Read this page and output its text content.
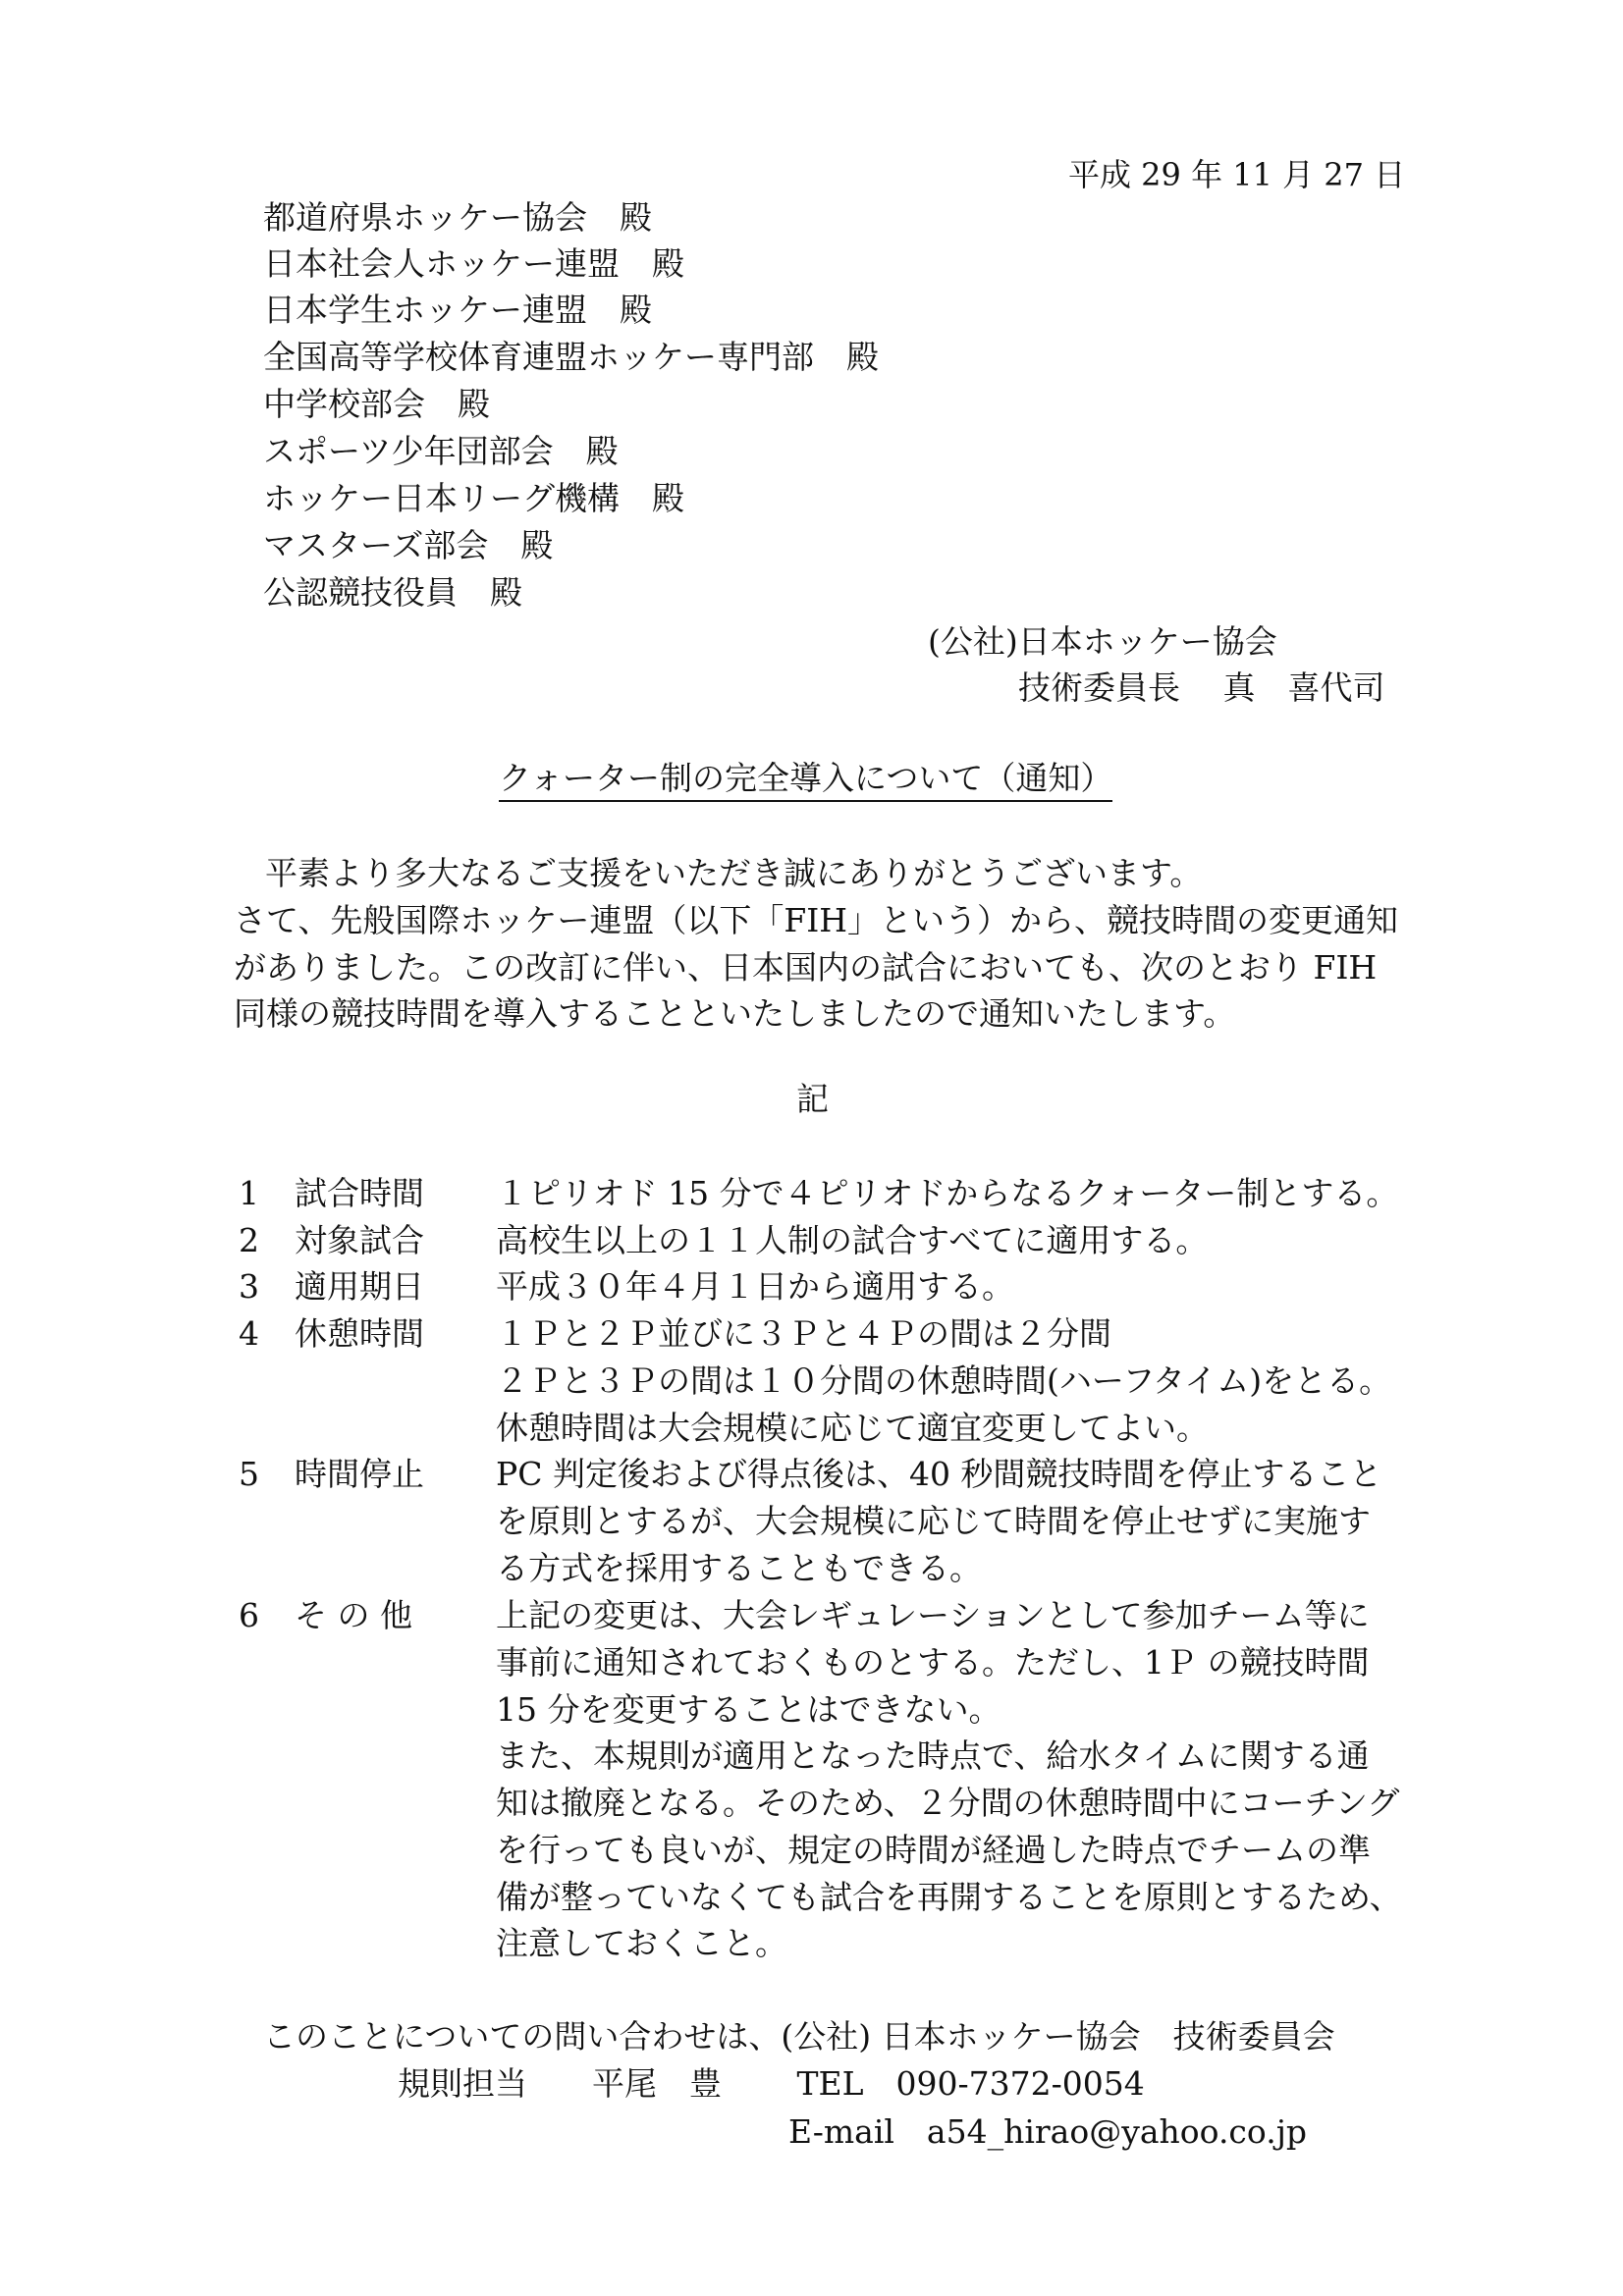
平成 29 年 11 月 27 日
都道府県ホッケー協会　殿
日本社会人ホッケー連盟　殿
日本学生ホッケー連盟　殿
全国高等学校体育連盟ホッケー専門部　殿
中学校部会　殿
スポーツ少年団部会　殿
ホッケー日本リーグ機構　殿
マスターズ部会　殿
公認競技役員　殿
(公社)日本ホッケー協会
技術委員長　 真　喜代司
クォーター制の完全導入について（通知）
平素より多大なるご支援をいただき誠にありがとうございます。
さて、先般国際ホッケー連盟（以下「FIH」という）から、競技時間の変更通知
がありました。この改訂に伴い、日本国内の試合においても、次のとおり FIH
同様の競技時間を導入することといたしましたので通知いたします。
記
1 試合時間 １ピリオド 15 分で４ピリオドからなるクォーター制とする。
2 対象試合 高校生以上の１１人制の試合すべてに適用する。
3 適用期日 平成３０年４月１日から適用する。
4 休憩時間 １Ｐと２Ｐ並びに３Ｐと４Ｐの間は２分間
２Ｐと３Ｐの間は１０分間の休憩時間(ハーフタイム)をとる。
休憩時間は大会規模に応じて適宜変更してよい。
5 時間停止 PC 判定後および得点後は、40 秒間競技時間を停止すること
を原則とするが、大会規模に応じて時間を停止せずに実施す
る方式を採用することもできる。
6 そ の 他	上記の変更は、大会レギュレーションとして参加チーム等に
事前に通知されておくものとする。ただし、1Ｐ の競技時間
15 分を変更することはできない。
また、本規則が適用となった時点で、給水タイムに関する通
知は撤廃となる。そのため、２分間の休憩時間中にコーチング
を行っても良いが、規定の時間が経過した時点でチームの準
備が整っていなくても試合を再開することを原則とするため、
注意しておくこと。
このことについての問い合わせは、(公社) 日本ホッケー協会　技術委員会
規則担当　　平尾　豊　　 TEL　090-7372-0054
E-mail　a54_hirao@yahoo.co.jp
